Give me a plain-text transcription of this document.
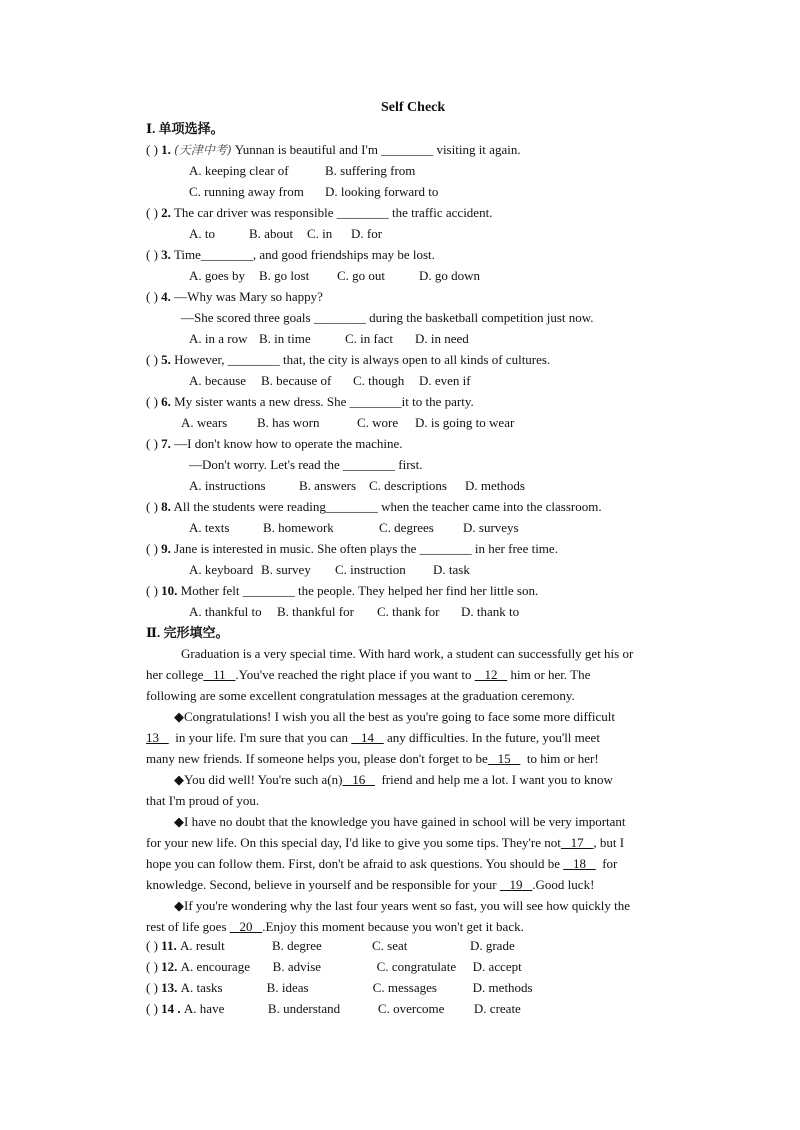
Self Check
Ⅰ. 单项选择。
( ) 1. (天津中考) Yunnan is beautiful and I'm ________ visiting it again.
A. keeping clear of	B. suffering from
C. running away from D. looking forward to
( ) 2. The car driver was responsible ________ the traffic accident.
A. to	B. about C. in D. for
( ) 3. Time________, and good friendships may be lost.
A. goes by B. go lost C. go out	D. go down
( ) 4. —Why was Mary so happy?
—She scored three goals ________ during the basketball competition just now.
A. in a row B. in time	C. in fact D. in need
( ) 5. However, ________ that, the city is always open to all kinds of cultures.
A. because B. because of C. though D. even if
( ) 6. My sister wants a new dress. She ________it to the party.
A. wears B. has worn	C. wore D. is going to wear
( ) 7. —I don't know how to operate the machine.
—Don't worry. Let's read the ________ first.
A. instructions	B. answers C. descriptions D. methods
( ) 8. All the students were reading________ when the teacher came into the classroom.
A. texts	B. homework	C. degrees D. surveys
( ) 9. Jane is interested in music. She often plays the ________ in her free time.
A. keyboard B. survey C. instruction D. task
( ) 10. Mother felt ________ the people. They helped her find her little son.
A. thankful to B. thankful for C. thank for D. thank to
Ⅱ. 完形填空。
Graduation is a very special time. With hard work, a student can successfully get his or
her college 11 .You've reached the right place if you want to 12 him or her. The
following are some excellent congratulation messages at the graduation ceremony.
◆Congratulations! I wish you all the best as you're going to face some more difficult
13 in your life. I'm sure that you can 14 any difficulties. In the future, you'll meet
many new friends. If someone helps you, please don't forget to be 15 to him or her!
◆You did well! You're such a(n) 16 friend and help me a lot. I want you to know
that I'm proud of you.
◆I have no doubt that the knowledge you have gained in school will be very important
for your new life. On this special day, I'd like to give you some tips. They're not 17 , but I
hope you can follow them. First, don't be afraid to ask questions. You should be 18 for
knowledge. Second, believe in yourself and be responsible for your 19 .Good luck!
◆If you're wondering why the last four years went so fast, you will see how quickly the
rest of life goes 20 .Enjoy this moment because you won't get it back.
( ) 11. A. result	B. degree	C. seat	D. grade
( ) 12. A. encourage B. advise	C. congratulate D. accept
( ) 13. A. tasks	B. ideas	C. messages	D. methods
( ) 14 . A. have	B. understand	C. overcome D. create
